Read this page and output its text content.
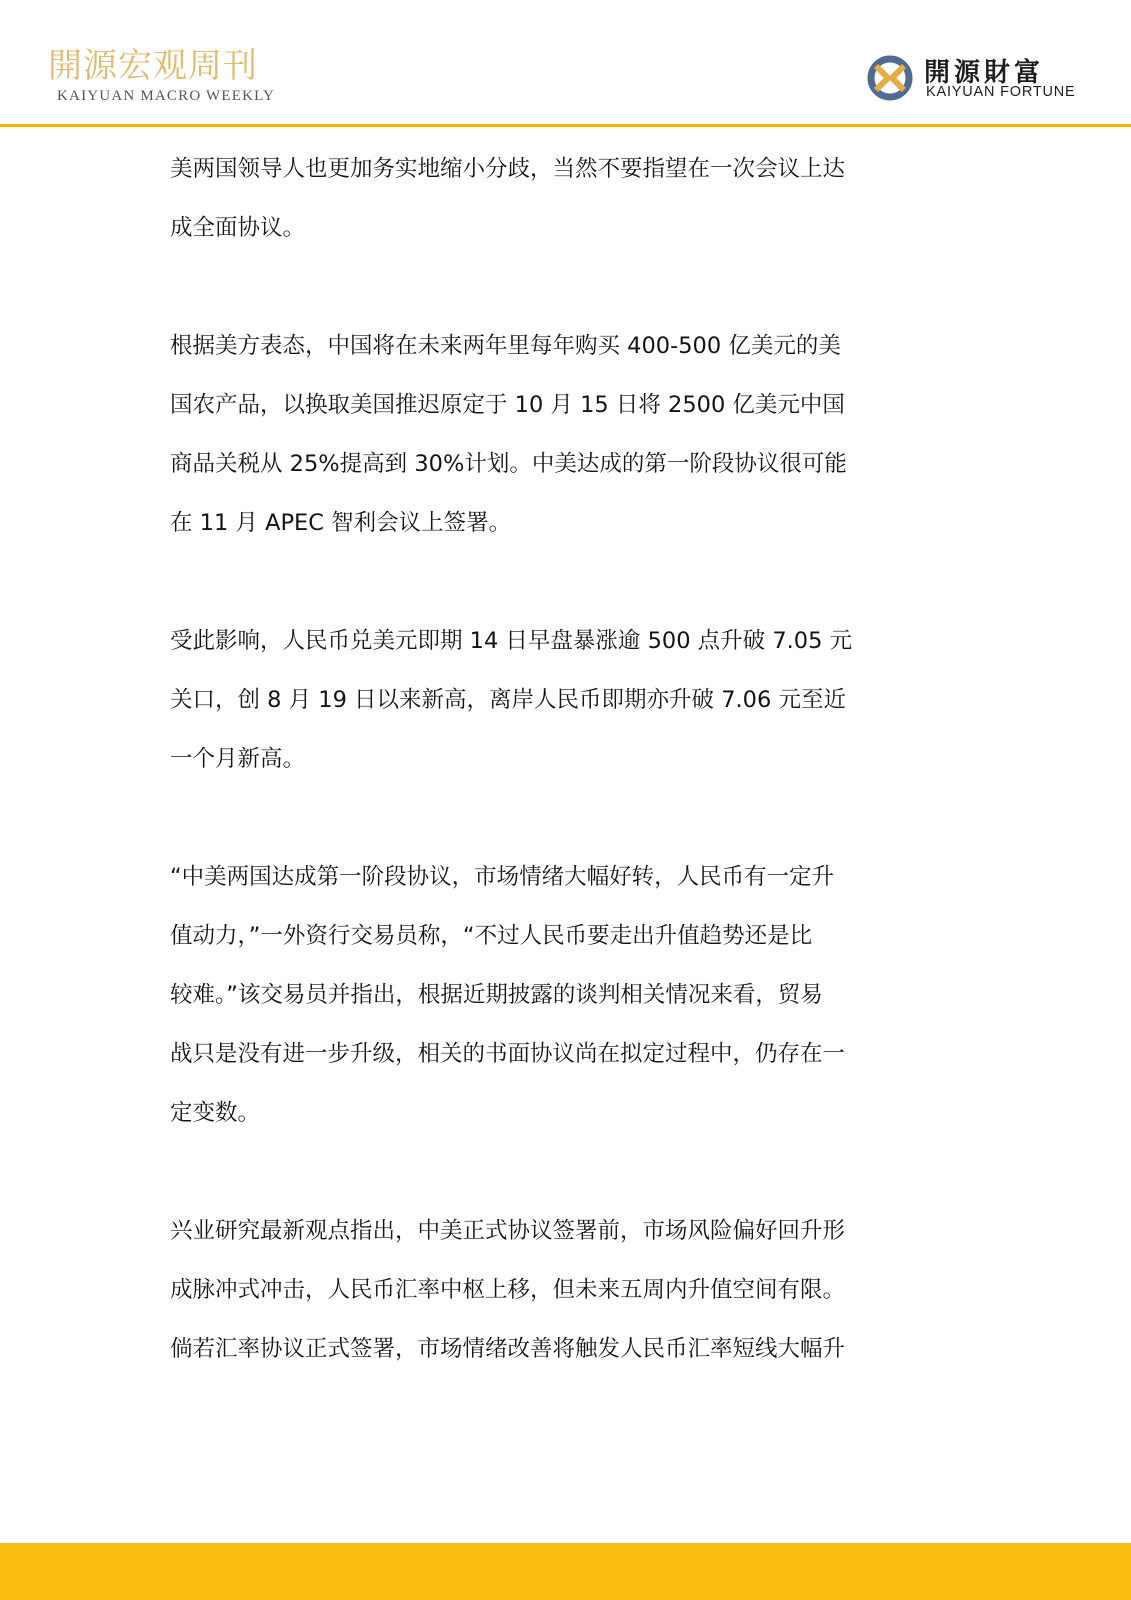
開源宏观周刊
KAIYUAN MACRO WEEKLY
開源財富
KAIYUAN FORTUNE

美两国领导人也更加务实地缩小分歧，当然不要指望在一次会议上达
成全面协议。

根据美方表态，中国将在未来两年里每年购买 400-500 亿美元的美
国农产品，以换取美国推迟原定于 10 月 15 日将 2500 亿美元中国
商品关税从 25%提高到 30%计划。中美达成的第一阶段协议很可能
在 11 月 APEC 智利会议上签署。

受此影响，人民币兑美元即期 14 日早盘暴涨逾 500 点升破 7.05 元
关口，创 8 月 19 日以来新高，离岸人民币即期亦升破 7.06 元至近
一个月新高。

“中美两国达成第一阶段协议，市场情绪大幅好转，人民币有一定升
值动力，”一外资行交易员称，“不过人民币要走出升值趋势还是比
较难。”该交易员并指出，根据近期披露的谈判相关情况来看，贸易
战只是没有进一步升级，相关的书面协议尚在拟定过程中，仍存在一
定变数。

兴业研究最新观点指出，中美正式协议签署前，市场风险偏好回升形
成脉冲式冲击，人民币汇率中枢上移，但未来五周内升值空间有限。
倘若汇率协议正式签署，市场情绪改善将触发人民币汇率短线大幅升
